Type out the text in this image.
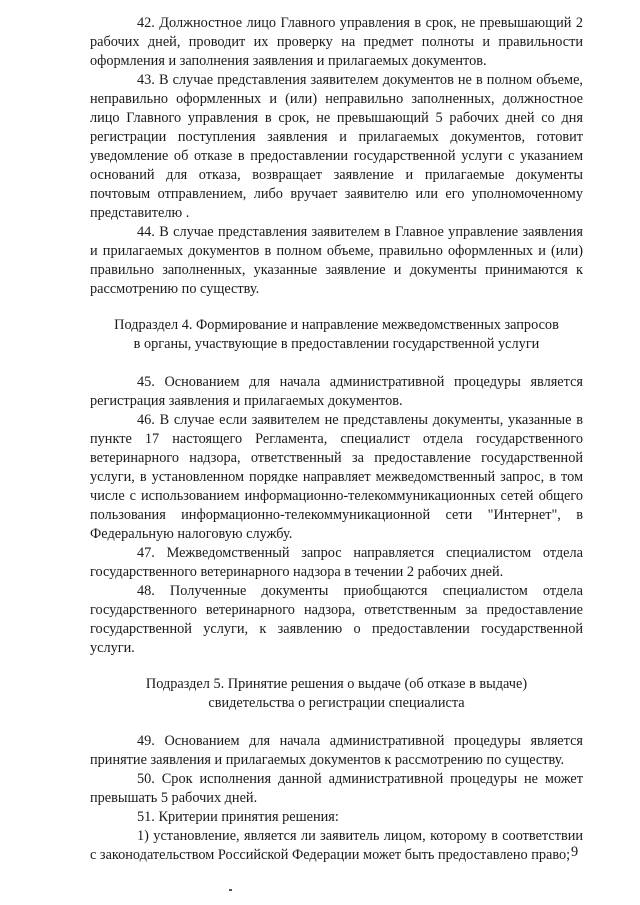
42. Должностное лицо Главного управления в срок, не превышающий 2 рабочих дней, проводит их проверку на предмет полноты и правильности оформления и заполнения заявления и прилагаемых документов.

43. В случае представления заявителем документов не в полном объеме, неправильно оформленных и (или) неправильно заполненных, должностное лицо Главного управления в срок, не превышающий 5 рабочих дней со дня регистрации поступления заявления и прилагаемых документов, готовит уведомление об отказе в предоставлении государственной услуги с указанием оснований для отказа, возвращает заявление и прилагаемые документы почтовым отправлением, либо вручает заявителю или его уполномоченному представителю .

44. В случае представления заявителем в Главное управление заявления и прилагаемых документов в полном объеме, правильно оформленных и (или) правильно заполненных, указанные заявление и документы принимаются к рассмотрению по существу.

Подраздел 4. Формирование и направление межведомственных запросов в органы, участвующие в предоставлении государственной услуги

45. Основанием для начала административной процедуры является регистрация заявления и прилагаемых документов.

46. В случае если заявителем не представлены документы, указанные в пункте 17 настоящего Регламента, специалист отдела государственного ветеринарного надзора, ответственный за предоставление государственной услуги, в установленном порядке направляет межведомственный запрос, в том числе с использованием информационно-телекоммуникационных сетей общего пользования информационно-телекоммуникационной сети "Интернет", в Федеральную налоговую службу.

47. Межведомственный запрос направляется специалистом отдела государственного ветеринарного надзора в течении 2 рабочих дней.

48. Полученные документы приобщаются специалистом отдела государственного ветеринарного надзора, ответственным за предоставление государственной услуги, к заявлению о предоставлении государственной услуги.

Подраздел 5. Принятие решения о выдаче (об отказе в выдаче) свидетельства о регистрации специалиста

49. Основанием для начала административной процедуры является принятие заявления и прилагаемых документов к рассмотрению по существу.

50. Срок исполнения данной административной процедуры не может превышать 5 рабочих дней.

51. Критерии принятия решения:

1) установление, является ли заявитель лицом, которому в соответствии с законодательством Российской Федерации может быть предоставлено право; 9
